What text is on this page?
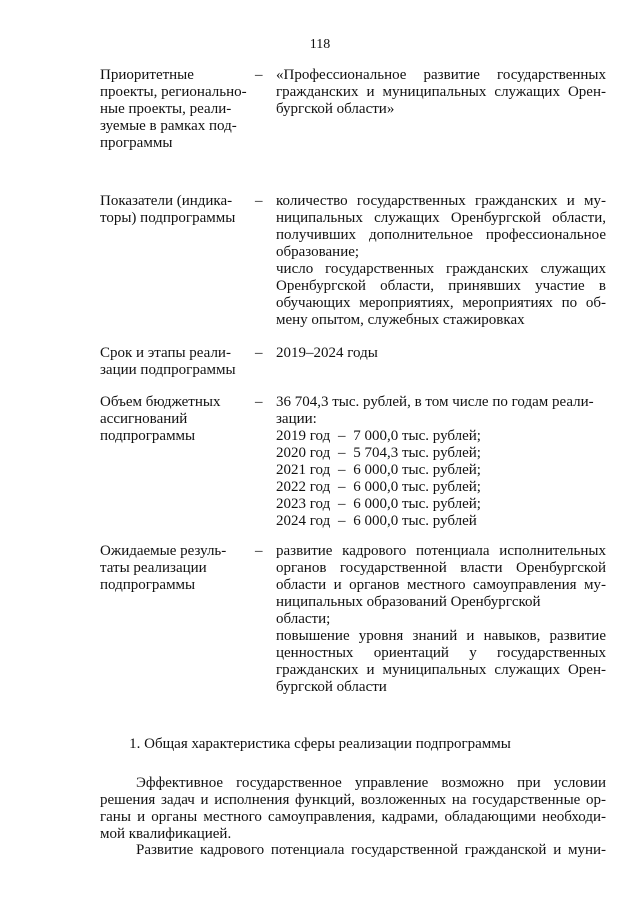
118
Приоритетные
проекты, регионально-
ные проекты, реали-
зуемые в рамках под-
программы
– «Профессиональное развитие государственных
гражданских и муниципальных служащих Орен-
бургской области»
Показатели (индика-
торы) подпрограммы
– количество государственных гражданских и му-
ниципальных служащих Оренбургской области,
получивших дополнительное профессиональное
образование;
число государственных гражданских служащих
Оренбургской области, принявших участие в
обучающих мероприятиях, мероприятиях по об-
мену опытом, служебных стажировках
Срок и этапы реали-
зации подпрограммы
– 2019–2024 годы
Объем бюджетных
ассигнований
подпрограммы
– 36 704,3 тыс. рублей, в том числе по годам реали-
зации:
2019 год – 7 000,0 тыс. рублей;
2020 год – 5 704,3 тыс. рублей;
2021 год – 6 000,0 тыс. рублей;
2022 год – 6 000,0 тыс. рублей;
2023 год – 6 000,0 тыс. рублей;
2024 год – 6 000,0 тыс. рублей
Ожидаемые резуль-
таты реализации
подпрограммы
– развитие кадрового потенциала исполнительных
органов государственной власти Оренбургской
области и органов местного самоуправления му-
ниципальных образований Оренбургской
области;
повышение уровня знаний и навыков, развитие
ценностных ориентаций у государственных
гражданских и муниципальных служащих Орен-
бургской области
1. Общая характеристика сферы реализации подпрограммы
Эффективное государственное управление возможно при условии
решения задач и исполнения функций, возложенных на государственные ор-
ганы и органы местного самоуправления, кадрами, обладающими необходи-
мой квалификацией.
Развитие кадрового потенциала государственной гражданской и муни-
